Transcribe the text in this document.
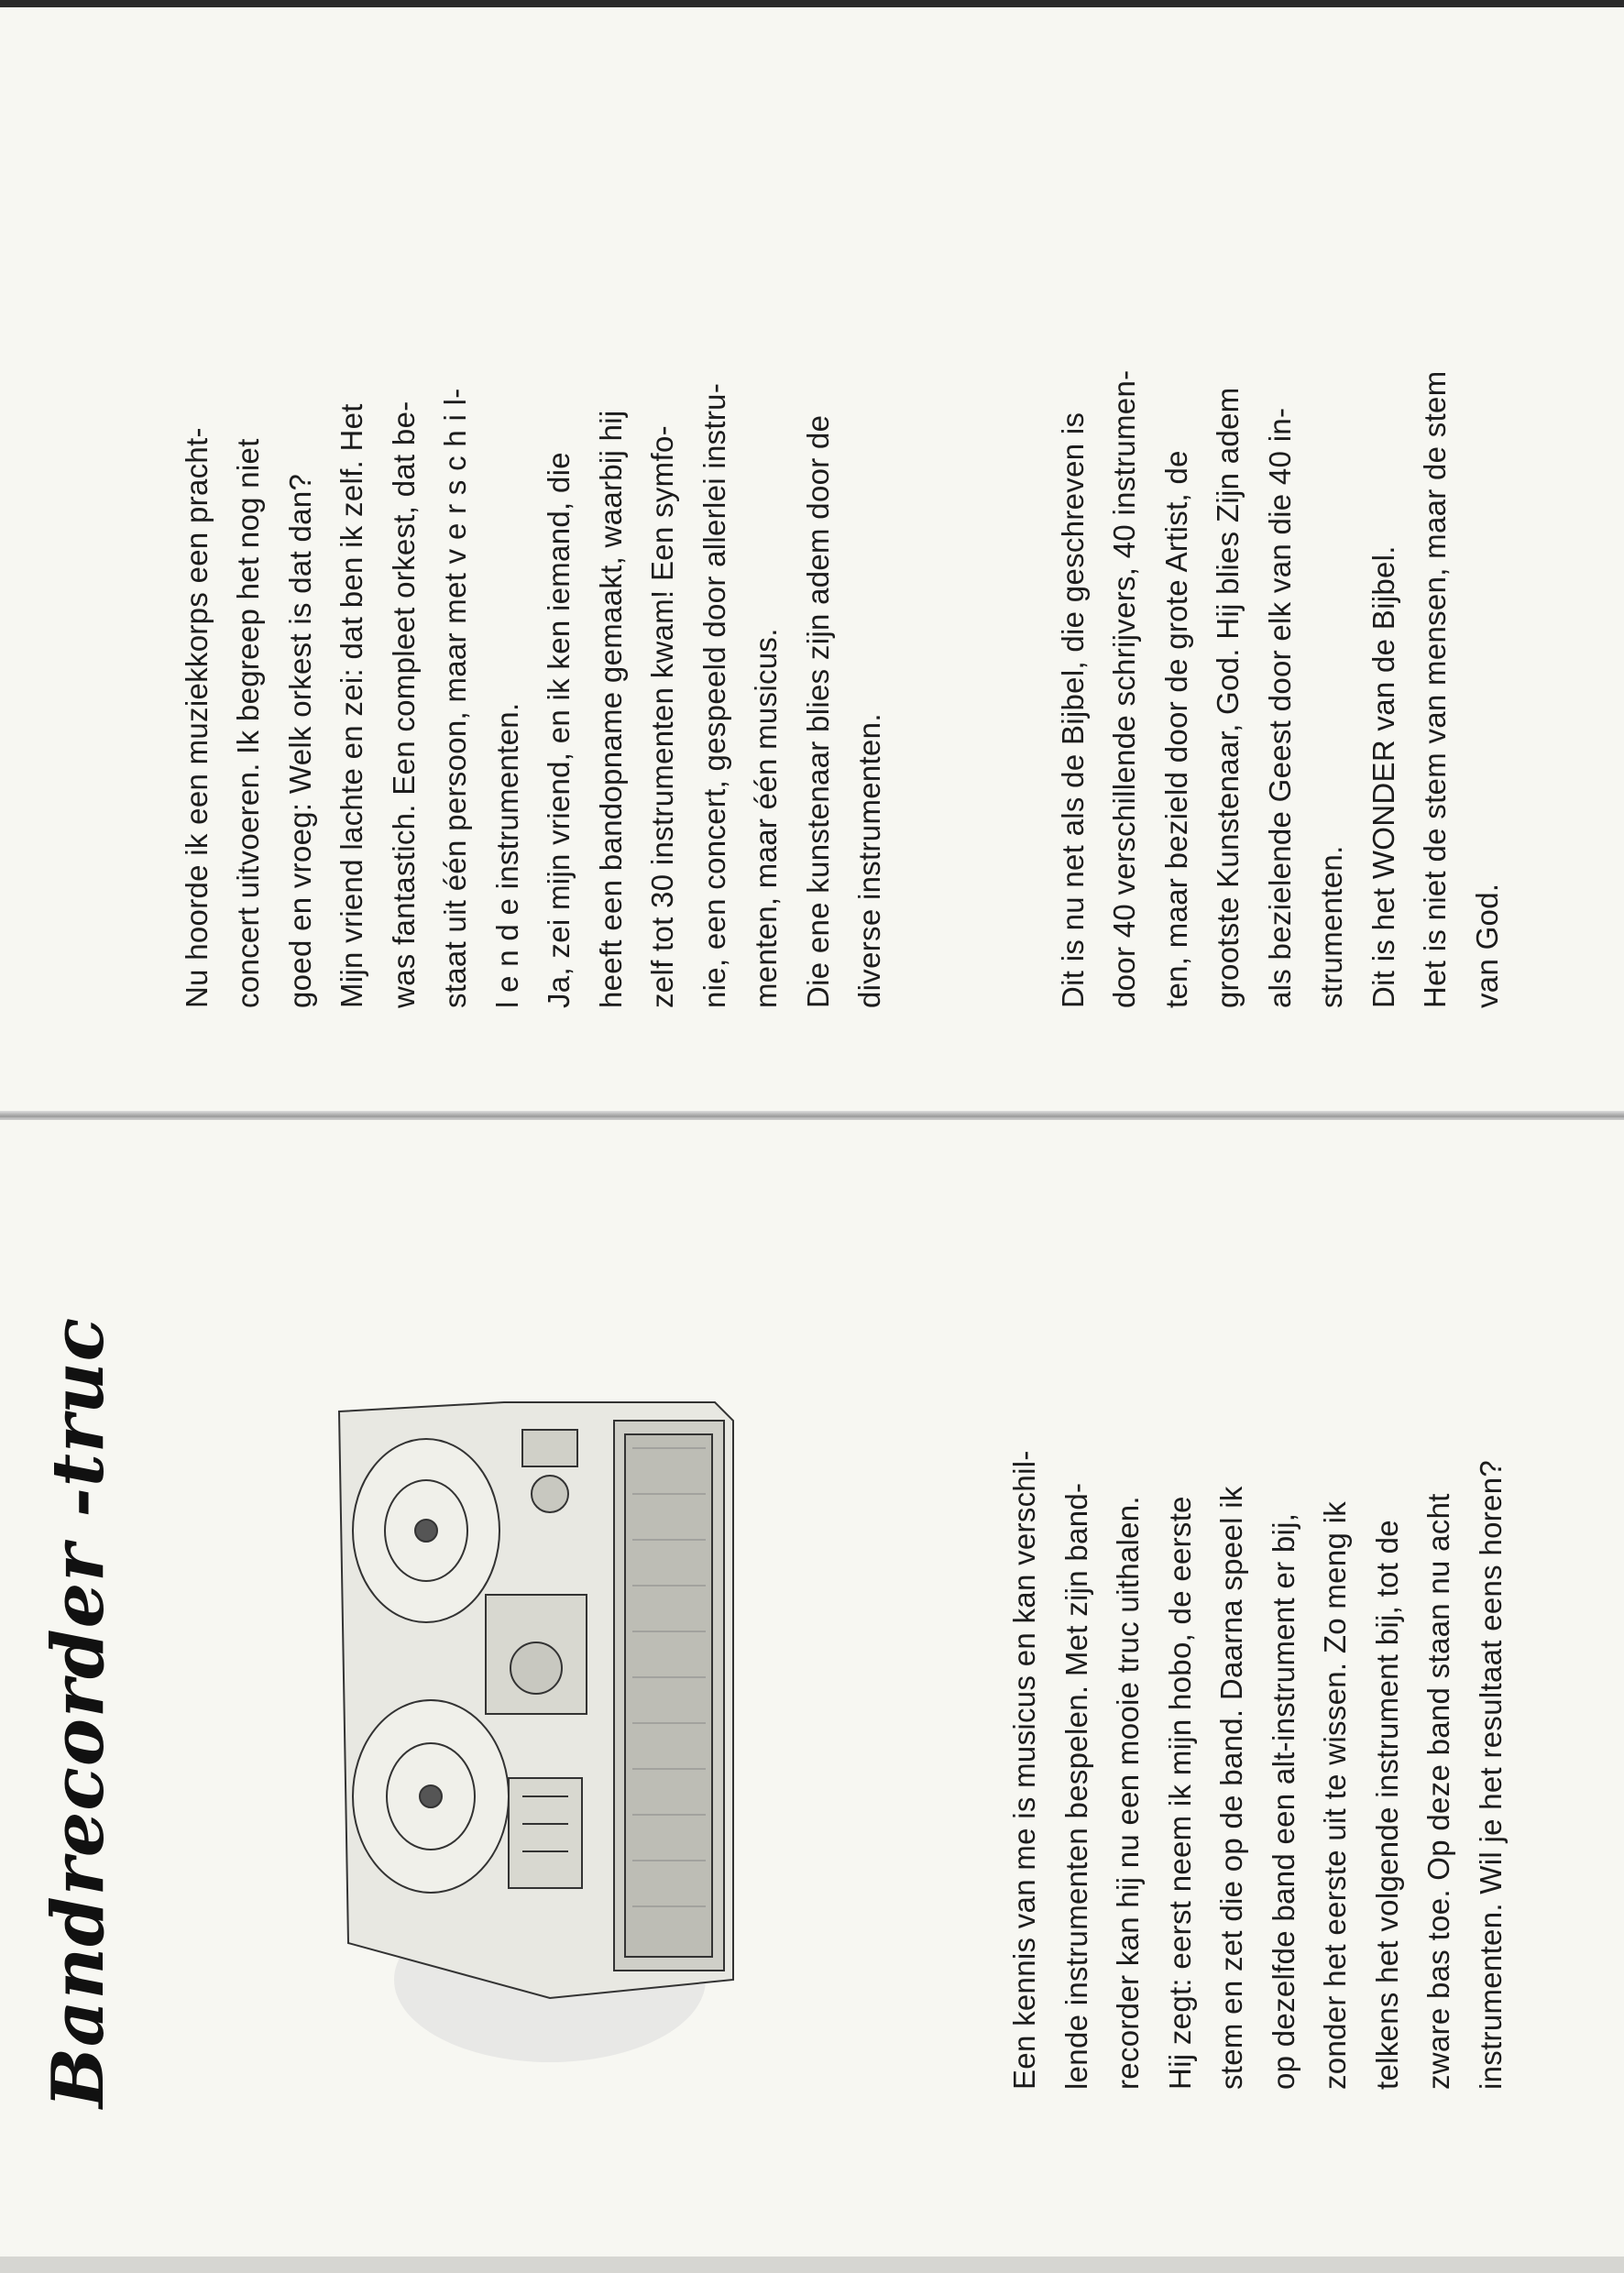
Nu hoorde ik een muziekkorps een pracht-
concert uitvoeren. Ik begreep het nog niet
goed en vroeg: Welk orkest is dat dan?
Mijn vriend lachte en zei: dat ben ik zelf. Het
was fantastich. Een compleet orkest, dat be-
staat uit één persoon, maar met v e r s c h i l-
l e n d e instrumenten.
Ja, zei mijn vriend, en ik ken iemand, die
heeft een bandopname gemaakt, waarbij hij
zelf tot 30 instrumenten kwam! Een symfo-
nie, een concert, gespeeld door allerlei instru-
menten, maar één musicus.
Die ene kunstenaar blies zijn adem door de
diverse instrumenten.

Dit is nu net als de Bijbel, die geschreven is
door 40 verschillende schrijvers, 40 instrumen-
ten, maar bezield door de grote Artist, de
grootste Kunstenaar, God. Hij blies Zijn adem
als bezielende Geest door elk van die 40 in-
strumenten.
Dit is het WONDER van de Bijbel.
Het is niet de stem van mensen, maar de stem
van God.

Bandrecorder -truc	Een kennis van me is musicus en kan verschil-
lende instrumenten bespelen. Met zijn band-
recorder kan hij nu een mooie truc uithalen.
Hij zegt: eerst neem ik mijn hobo, de eerste
stem en zet die op de band. Daarna speel ik
op dezelfde band een alt-instrument er bij,
zonder het eerste uit te wissen. Zo meng ik
telkens het volgende instrument bij, tot de
zware bas toe. Op deze band staan nu acht
instrumenten. Wil je het resultaat eens horen?
